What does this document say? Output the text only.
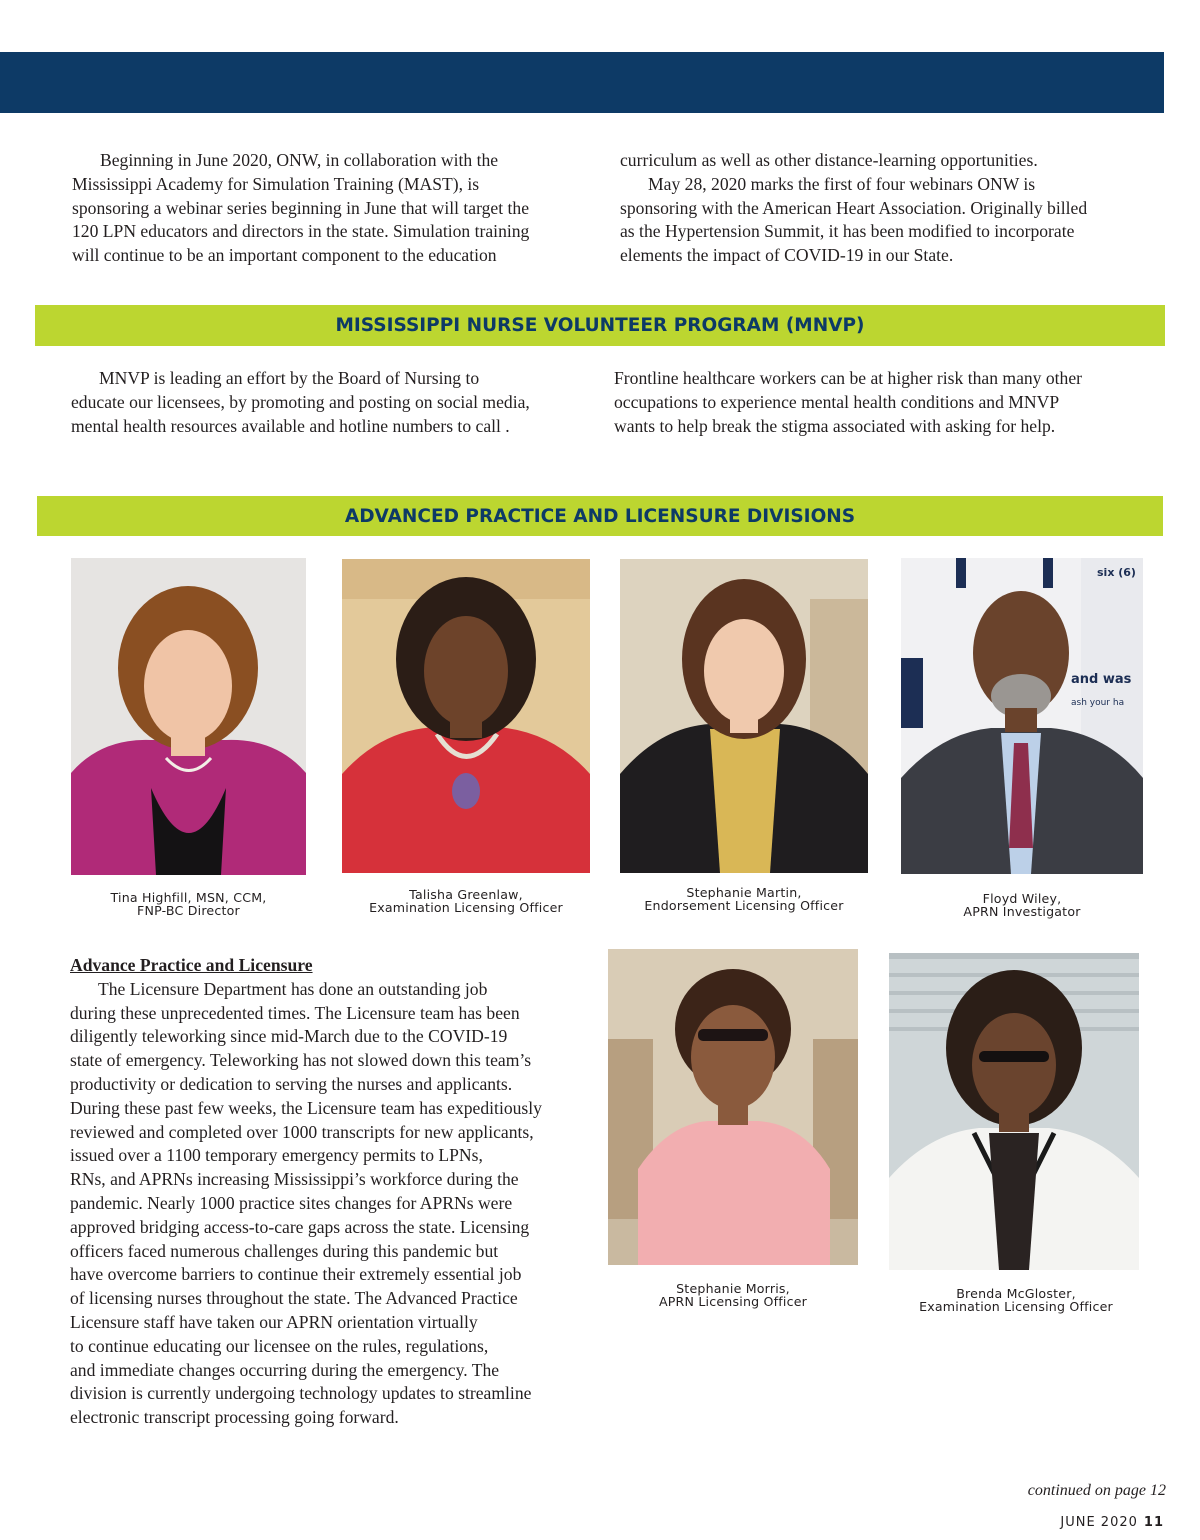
Beginning in June 2020, ONW, in collaboration with the

Mississippi Academy for Simulation Training (MAST), is

sponsoring a webinar series beginning in June that will target the

120 LPN educators and directors in the state. Simulation training

will continue to be an important component to the education

curriculum as well as other distance-learning opportunities.

May 28, 2020 marks the first of four webinars ONW is

sponsoring with the American Heart Association. Originally billed

as the Hypertension Summit, it has been modified to incorporate

elements the impact of COVID-19 in our State.

MISSISSIPPI NURSE VOLUNTEER PROGRAM (MNVP)

MNVP is leading an effort by the Board of Nursing to

educate our licensees, by promoting and posting on social media,

mental health resources available and hotline numbers to call .

Frontline healthcare workers can be at higher risk than many other

occupations to experience mental health conditions and MNVP

wants to help break the stigma associated with asking for help.

ADVANCED PRACTICE AND LICENSURE DIVISIONS
six (6)
and was
ash your ha
Tina Highfill, MSN, CCM,
FNP-BC Director
Talisha Greenlaw,
Examination Licensing Officer
Stephanie Martin,
Endorsement Licensing Officer	Floyd Wiley,
APRN Investigator
Stephanie Morris,
APRN Licensing Officer	Brenda McGloster,
Examination Licensing Officer

Advance Practice and Licensure

The Licensure Department has done an outstanding job

during these unprecedented times. The Licensure team has been

diligently teleworking since mid-March due to the COVID-19

state of emergency. Teleworking has not slowed down this team’s

productivity or dedication to serving the nurses and applicants.

During these past few weeks, the Licensure team has expeditiously

reviewed and completed over 1000 transcripts for new applicants,

issued over a 1100 temporary emergency permits to LPNs,

RNs, and APRNs increasing Mississippi’s workforce during the

pandemic. Nearly 1000 practice sites changes for APRNs were

approved bridging access-to-care gaps across the state. Licensing

officers faced numerous challenges during this pandemic but

have overcome barriers to continue their extremely essential job

of licensing nurses throughout the state. The Advanced Practice

Licensure staff have taken our APRN orientation virtually

to continue educating our licensee on the rules, regulations,

and immediate changes occurring during the emergency. The

division is currently undergoing technology updates to streamline

electronic transcript processing going forward.

continued on page 12
JUNE 2020 11
